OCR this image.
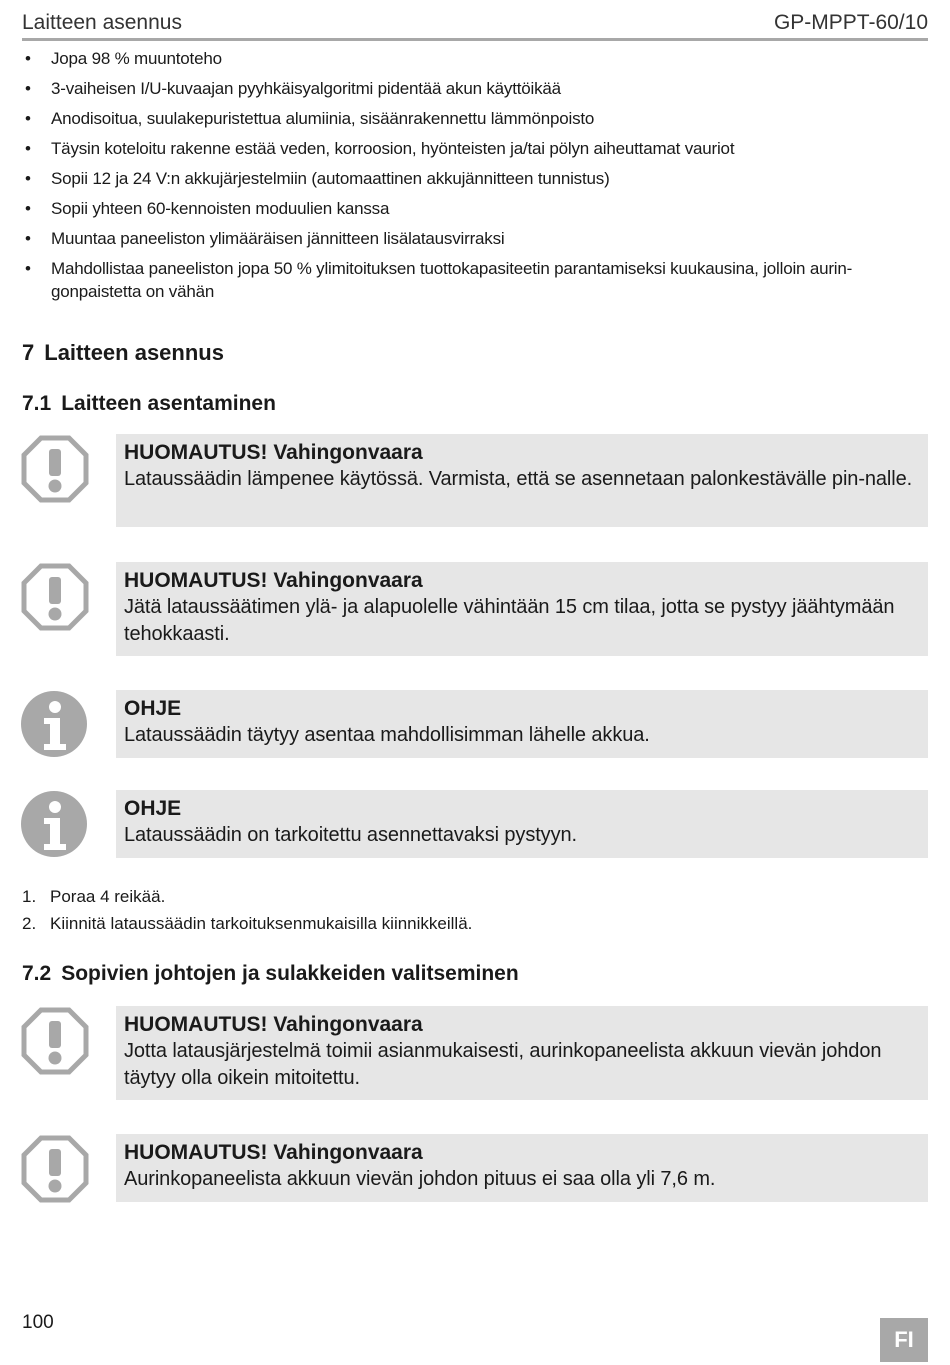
Laitteen asennus	GP-MPPT-60/10
• Jopa 98 % muuntoteho
• 3-vaiheisen I/U-kuvaajan pyyhkäisyalgoritmi pidentää akun käyttöikää
• Anodisoitua, suulakepuristettua alumiinia, sisäänrakennettu lämmönpoisto
• Täysin koteloitu rakenne estää veden, korroosion, hyönteisten ja/tai pölyn aiheuttamat vauriot
• Sopii 12 ja 24 V:n akkujärjestelmiin (automaattinen akkujännitteen tunnistus)
• Sopii yhteen 60-kennoisten moduulien kanssa
• Muuntaa paneeliston ylimääräisen jännitteen lisälatausvirraksi
• Mahdollistaa paneeliston jopa 50 % ylimitoituksen tuottokapasiteetin parantamiseksi kuukausina, jolloin aurin-gonpaistetta on vähän
7 Laitteen asennus
7.1 Laitteen asentaminen
HUOMAUTUS! Vahingonvaara
Lataussäädin lämpenee käytössä. Varmista, että se asennetaan palonkestävälle pin-nalle.
HUOMAUTUS! Vahingonvaara
Jätä lataussäätimen ylä- ja alapuolelle vähintään 15 cm tilaa, jotta se pystyy jäähtymään tehokkaasti.
OHJE
Lataussäädin täytyy asentaa mahdollisimman lähelle akkua.
OHJE
Lataussäädin on tarkoitettu asennettavaksi pystyyn.
1. Poraa 4 reikää.
2. Kiinnitä lataussäädin tarkoituksenmukaisilla kiinnikkeillä.
7.2 Sopivien johtojen ja sulakkeiden valitseminen
HUOMAUTUS! Vahingonvaara
Jotta latausjärjestelmä toimii asianmukaisesti, aurinkopaneelista akkuun vievän johdon täytyy olla oikein mitoitettu.
HUOMAUTUS! Vahingonvaara
Aurinkopaneelista akkuun vievän johdon pituus ei saa olla yli 7,6 m.
100
FI
